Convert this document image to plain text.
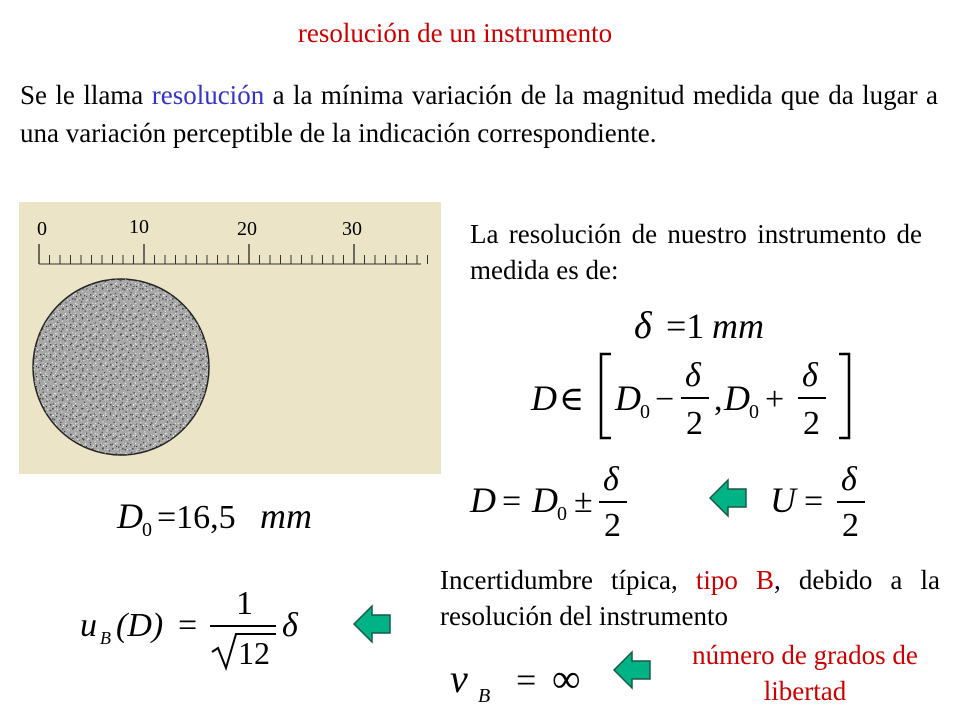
resolución de un instrumento
Se le llama resolución a la mínima variación de la magnitud medida que da lugar a una variación perceptible de la indicación correspondiente.
0	10	20	30	La resolución de nuestro instrumento de medida es de:
δ =1 mm
D ∈ D 0 −
δ
2
, D 0 +
δ
2
D = D 0 ±
δ
2
U =
δ
2
D 0 =16,5 mm
Incertidumbre típica, tipo B, debido a la resolución del instrumento
u B (D) =
1
12
δ
ν B = ∞
número de grados de libertad
